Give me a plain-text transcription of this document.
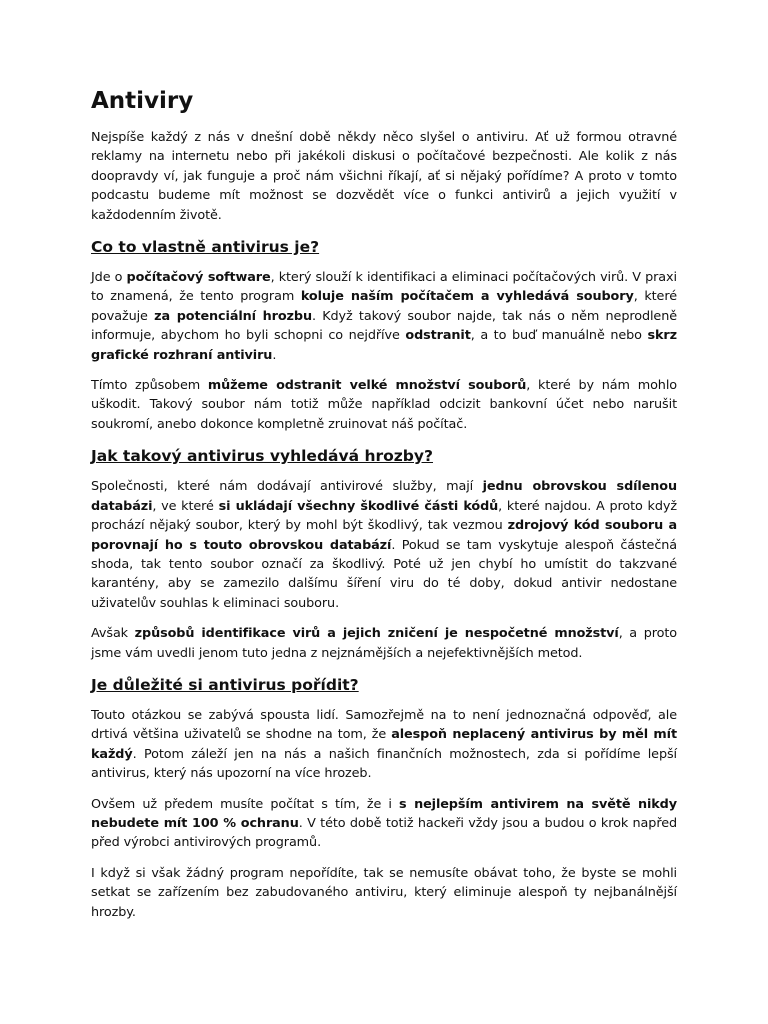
Antiviry

Nejspíše každý z nás v dnešní době někdy něco slyšel o antiviru. Ať už formou otravné reklamy na internetu nebo při jakékoli diskusi o počítačové bezpečnosti. Ale kolik z nás doopravdy ví, jak funguje a proč nám všichni říkají, ať si nějaký pořídíme? A proto v tomto podcastu budeme mít možnost se dozvědět více o funkci antivirů a jejich využití v každodenním životě.

Co to vlastně antivirus je?

Jde o počítačový software, který slouží k identifikaci a eliminaci počítačových virů. V praxi to znamená, že tento program koluje naším počítačem a vyhledává soubory, které považuje za potenciální hrozbu. Když takový soubor najde, tak nás o něm neprodleně informuje, abychom ho byli schopni co nejdříve odstranit, a to buď manuálně nebo skrz grafické rozhraní antiviru.

Tímto způsobem můžeme odstranit velké množství souborů, které by nám mohlo uškodit. Takový soubor nám totiž může například odcizit bankovní účet nebo narušit soukromí, anebo dokonce kompletně zruinovat náš počítač.

Jak takový antivirus vyhledává hrozby?

Společnosti, které nám dodávají antivirové služby, mají jednu obrovskou sdílenou databázi, ve které si ukládají všechny škodlivé části kódů, které najdou. A proto když prochází nějaký soubor, který by mohl být škodlivý, tak vezmou zdrojový kód souboru a porovnají ho s touto obrovskou databází. Pokud se tam vyskytuje alespoň částečná shoda, tak tento soubor označí za škodlivý. Poté už jen chybí ho umístit do takzvané karantény, aby se zamezilo dalšímu šíření viru do té doby, dokud antivir nedostane uživatelův souhlas k eliminaci souboru.

Avšak způsobů identifikace virů a jejich zničení je nespočetné množství, a proto jsme vám uvedli jenom tuto jedna z nejznámějších a nejefektivnějších metod.

Je důležité si antivirus pořídit?

Touto otázkou se zabývá spousta lidí. Samozřejmě na to není jednoznačná odpověď, ale drtivá většina uživatelů se shodne na tom, že alespoň neplacený antivirus by měl mít každý. Potom záleží jen na nás a našich finančních možnostech, zda si pořídíme lepší antivirus, který nás upozorní na více hrozeb.

Ovšem už předem musíte počítat s tím, že i s nejlepším antivirem na světě nikdy nebudete mít 100 % ochranu. V této době totiž hackeři vždy jsou a budou o krok napřed před výrobci antivirových programů.

I když si však žádný program nepořídíte, tak se nemusíte obávat toho, že byste se mohli setkat se zařízením bez zabudovaného antiviru, který eliminuje alespoň ty nejbanálnější hrozby.
